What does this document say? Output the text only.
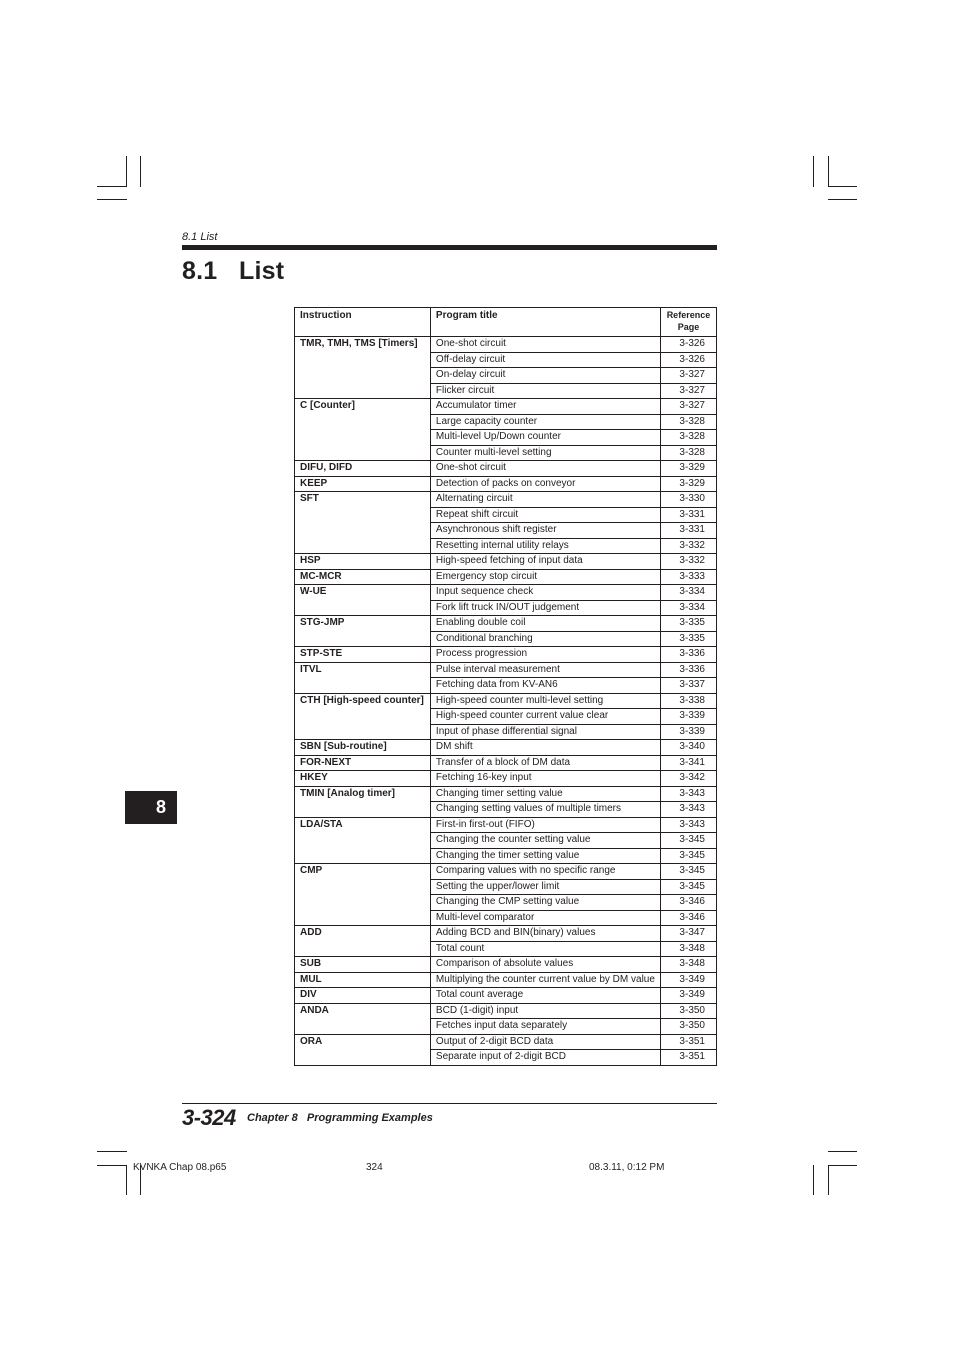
8.1 List
8.1 List
8
Instruction	Program title	Reference
Page
TMR, TMH, TMS [Timers]	One-shot circuit	3-326
	Off-delay circuit	3-326
	On-delay circuit	3-327
	Flicker circuit	3-327
C [Counter]	Accumulator timer	3-327
	Large capacity counter	3-328
	Multi-level Up/Down counter	3-328
	Counter multi-level setting	3-328
DIFU, DIFD	One-shot circuit	3-329
KEEP	Detection of packs on conveyor	3-329
SFT	Alternating circuit	3-330
	Repeat shift circuit	3-331
	Asynchronous shift register	3-331
	Resetting internal utility relays	3-332
HSP	High-speed fetching of input data	3-332
MC-MCR	Emergency stop circuit	3-333
W-UE	Input sequence check	3-334
	Fork lift truck IN/OUT judgement	3-334
STG-JMP	Enabling double coil	3-335
	Conditional branching	3-335
STP-STE	Process progression	3-336
ITVL	Pulse interval measurement	3-336
	Fetching data from KV-AN6	3-337
CTH [High-speed counter]	High-speed counter multi-level setting	3-338
	High-speed counter current value clear	3-339
	Input of phase differential signal	3-339
SBN [Sub-routine]	DM shift	3-340
FOR-NEXT	Transfer of a block of DM data	3-341
HKEY	Fetching 16-key input	3-342
TMIN [Analog timer]	Changing timer setting value	3-343
	Changing setting values of multiple timers	3-343
LDA/STA	First-in first-out (FIFO)	3-343
	Changing the counter setting value	3-345
	Changing the timer setting value	3-345
CMP	Comparing values with no specific range	3-345
	Setting the upper/lower limit	3-345
	Changing the CMP setting value	3-346
	Multi-level comparator	3-346
ADD	Adding BCD and BIN(binary) values	3-347
	Total count	3-348
SUB	Comparison of absolute values	3-348
MUL	Multiplying the counter current value by DM value	3-349
DIV	Total count average	3-349
ANDA	BCD (1-digit) input	3-350
	Fetches input data separately	3-350
ORA	Output of 2-digit BCD data	3-351
	Separate input of 2-digit BCD	3-351
3-324 Chapter 8   Programming Examples
KVNKA Chap 08.p65	324	08.3.11, 0:12 PM
